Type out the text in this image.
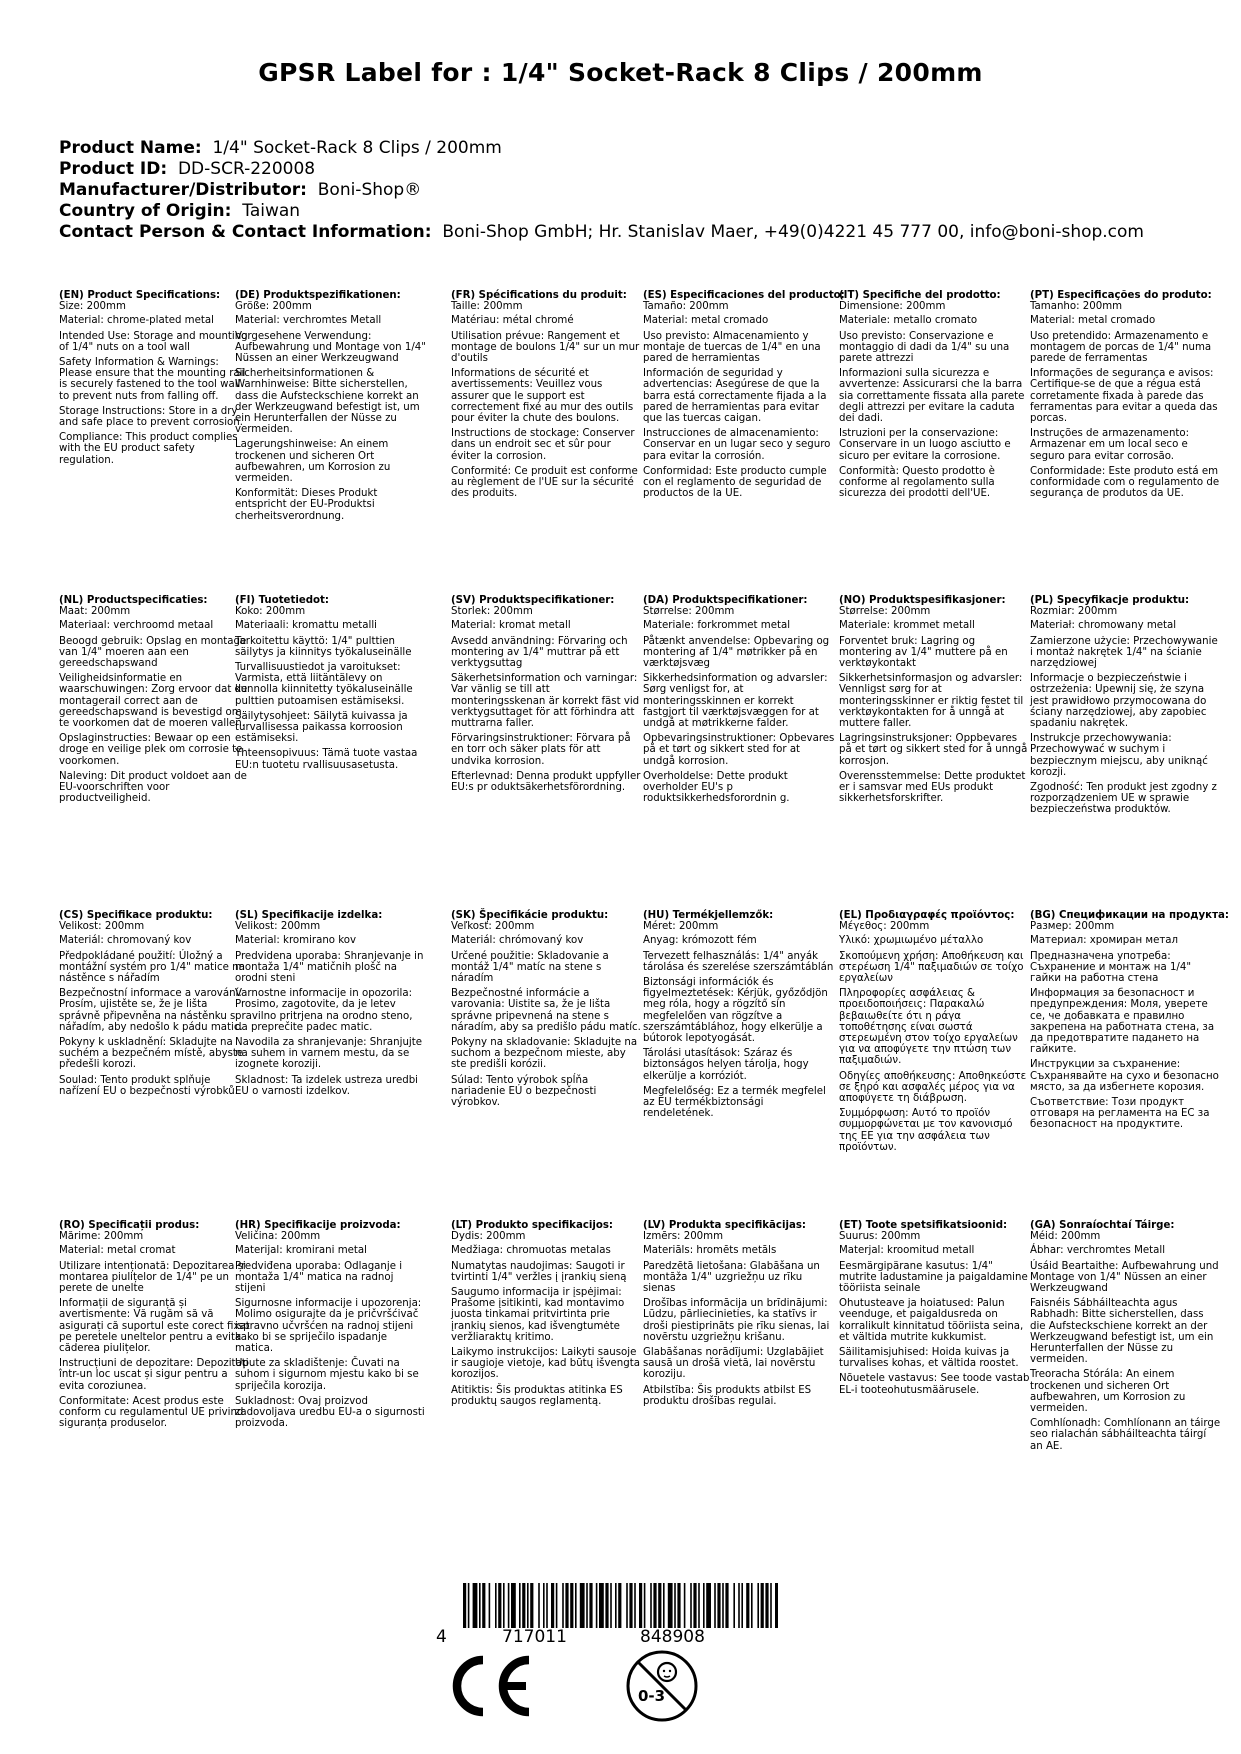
GPSR Label for : 1/4" Socket-Rack 8 Clips / 200mm
Product Name: 1/4" Socket-Rack 8 Clips / 200mm
Product ID: DD-SCR-220008
Manufacturer/Distributor: Boni-Shop®
Country of Origin: Taiwan
Contact Person & Contact Information: Boni-Shop GmbH; Hr. Stanislav Maer, +49(0)4221 45 777 00, info@boni-shop.com
(EN) Product Specifications:

Size: 200mm

Material: chrome-plated metal

Intended Use: Storage and mounting of 1/4" nuts on a tool wall

Safety Information & Warnings: Please ensure that the mounting rail is securely fastened to the tool wall to prevent nuts from falling off.

Storage Instructions: Store in a dry and safe place to prevent corrosion.

Compliance: This product complies with the EU product safety regulation.

(DE) Produktspezifikationen:

Größe: 200mm

Material: verchromtes Metall

Vorgesehene Verwendung: Aufbewahrung und Montage von 1/4" Nüssen an einer Werkzeugwand

Sicherheitsinformationen & Warnhinweise: Bitte sicherstellen, dass die Aufsteckschiene korrekt an der Werkzeugwand befestigt ist, um ein Herunterfallen der Nüsse zu vermeiden.

Lagerungshinweise: An einem trockenen und sicheren Ort aufbewahren, um Korrosion zu vermeiden.

Konformität: Dieses Produkt entspricht der EU-Produktsi cherheitsverordnung.

(FR) Spécifications du produit:

Taille: 200mm

Matériau: métal chromé

Utilisation prévue: Rangement et montage de boulons 1/4" sur un mur d'outils

Informations de sécurité et avertissements: Veuillez vous assurer que le support est correctement fixé au mur des outils pour éviter la chute des boulons.

Instructions de stockage: Conserver dans un endroit sec et sûr pour éviter la corrosion.

Conformité: Ce produit est conforme au règlement de l'UE sur la sécurité des produits.

(ES) Especificaciones del producto:

Tamaño: 200mm

Material: metal cromado

Uso previsto: Almacenamiento y montaje de tuercas de 1/4" en una pared de herramientas

Información de seguridad y advertencias: Asegúrese de que la barra está correctamente fijada a la pared de herramientas para evitar que las tuercas caigan.

Instrucciones de almacenamiento: Conservar en un lugar seco y seguro para evitar la corrosión.

Conformidad: Este producto cumple con el reglamento de seguridad de productos de la UE.

(IT) Specifiche del prodotto:

Dimensione: 200mm

Materiale: metallo cromato

Uso previsto: Conservazione e montaggio di dadi da 1/4" su una parete attrezzi

Informazioni sulla sicurezza e avvertenze: Assicurarsi che la barra sia correttamente fissata alla parete degli attrezzi per evitare la caduta dei dadi.

Istruzioni per la conservazione: Conservare in un luogo asciutto e sicuro per evitare la corrosione.

Conformità: Questo prodotto è conforme al regolamento sulla sicurezza dei prodotti dell'UE.

(PT) Especificações do produto:

Tamanho: 200mm

Material: metal cromado

Uso pretendido: Armazenamento e montagem de porcas de 1/4" numa parede de ferramentas

Informações de segurança e avisos: Certifique-se de que a régua está corretamente fixada à parede das ferramentas para evitar a queda das porcas.

Instruções de armazenamento: Armazenar em um local seco e seguro para evitar corrosão.

Conformidade: Este produto está em conformidade com o regulamento de segurança de produtos da UE.

(NL) Productspecificaties:

Maat: 200mm

Materiaal: verchroomd metaal

Beoogd gebruik: Opslag en montage van 1/4" moeren aan een gereedschapswand

Veiligheidsinformatie en waarschuwingen: Zorg ervoor dat de montagerail correct aan de gereedschapswand is bevestigd om te voorkomen dat de moeren vallen.

Opslaginstructies: Bewaar op een droge en veilige plek om corrosie te voorkomen.

Naleving: Dit product voldoet aan de EU-voorschriften voor productveiligheid.

(FI) Tuotetiedot:

Koko: 200mm

Materiaali: kromattu metalli

Tarkoitettu käyttö: 1/4" pulttien säilytys ja kiinnitys työkaluseinälle

Turvallisuustiedot ja varoitukset: Varmista, että liitäntälevy on kunnolla kiinnitetty työkaluseinälle pulttien putoamisen estämiseksi.

Säilytysohjeet: Säilytä kuivassa ja turvallisessa paikassa korroosion estämiseksi.

Yhteensopivuus: Tämä tuote vastaa EU:n tuotetu rvallisuusasetusta.

(SV) Produktspecifikationer:

Storlek: 200mm

Material: kromat metall

Avsedd användning: Förvaring och montering av 1/4" muttrar på ett verktygsuttag

Säkerhetsinformation och varningar: Var vänlig se till att monteringsskenan är korrekt fäst vid verktygsuttaget för att förhindra att muttrarna faller.

Förvaringsinstruktioner: Förvara på en torr och säker plats för att undvika korrosion.

Efterlevnad: Denna produkt uppfyller EU:s pr oduktsäkerhetsförordning.

(DA) Produktspecifikationer:

Størrelse: 200mm

Materiale: forkrommet metal

Påtænkt anvendelse: Opbevaring og montering af 1/4" møtrikker på en værktøjsvæg

Sikkerhedsinformation og advarsler: Sørg venligst for, at monteringsskinnen er korrekt fastgjort til værktøjsvæggen for at undgå at møtrikkerne falder.

Opbevaringsinstruktioner: Opbevares på et tørt og sikkert sted for at undgå korrosion.

Overholdelse: Dette produkt overholder EU's p roduktsikkerhedsforordnin g.

(NO) Produktspesifikasjoner:

Størrelse: 200mm

Materiale: krommet metall

Forventet bruk: Lagring og montering av 1/4" muttere på en verktøykontakt

Sikkerhetsinformasjon og advarsler: Vennligst sørg for at monteringsskinner er riktig festet til verktøykontakten for å unngå at muttere faller.

Lagringsinstruksjoner: Oppbevares på et tørt og sikkert sted for å unngå korrosjon.

Overensstemmelse: Dette produktet er i samsvar med EUs produkt sikkerhetsforskrifter.

(PL) Specyfikacje produktu:

Rozmiar: 200mm

Materiał: chromowany metal

Zamierzone użycie: Przechowywanie i montaż nakrętek 1/4" na ścianie narzędziowej

Informacje o bezpieczeństwie i ostrzeżenia: Upewnij się, że szyna jest prawidłowo przymocowana do ściany narzędziowej, aby zapobiec spadaniu nakrętek.

Instrukcje przechowywania: Przechowywać w suchym i bezpiecznym miejscu, aby uniknąć korozji.

Zgodność: Ten produkt jest zgodny z rozporządzeniem UE w sprawie bezpieczeństwa produktów.

(CS) Specifikace produktu:

Velikost: 200mm

Materiál: chromovaný kov

Předpokládané použití: Úložný a montážní systém pro 1/4" matice na nástěnce s nářadím

Bezpečnostní informace a varování: Prosím, ujistěte se, že je lišta správně připevněna na nástěnku s nářadím, aby nedošlo k pádu matic.

Pokyny k uskladnění: Skladujte na suchém a bezpečném místě, abyste předešli korozi.

Soulad: Tento produkt splňuje nařízení EU o bezpečnosti výrobků.

(SL) Specifikacije izdelka:

Velikost: 200mm

Material: kromirano kov

Predvidena uporaba: Shranjevanje in montaža 1/4" matičnih plošč na orodni steni

Varnostne informacije in opozorila: Prosimo, zagotovite, da je letev pravilno pritrjena na orodno steno, da preprečite padec matic.

Navodila za shranjevanje: Shranjujte na suhem in varnem mestu, da se izognete koroziji.

Skladnost: Ta izdelek ustreza uredbi EU o varnosti izdelkov.

(SK) Špecifikácie produktu:

Veľkosť: 200mm

Materiál: chrómovaný kov

Určené použitie: Skladovanie a montáž 1/4" matíc na stene s náradím

Bezpečnostné informácie a varovania: Uistite sa, že je lišta správne pripevnená na stene s náradím, aby sa predišlo pádu matíc.

Pokyny na skladovanie: Skladujte na suchom a bezpečnom mieste, aby ste predišli korózii.

Súlad: Tento výrobok spĺňa nariadenie EÚ o bezpečnosti výrobkov.

(HU) Termékjellemzők:

Méret: 200mm

Anyag: krómozott fém

Tervezett felhasználás: 1/4" anyák tárolása és szerelése szerszámtáblán

Biztonsági információk és figyelmeztetések: Kérjük, győződjön meg róla, hogy a rögzítő sín megfelelően van rögzítve a szerszámtáblához, hogy elkerülje a bútorok lepotyogását.

Tárolási utasítások: Száraz és biztonságos helyen tárolja, hogy elkerülje a korróziót.

Megfelelőség: Ez a termék megfelel az EU termékbiztonsági rendeletének.

(EL) Προδιαγραφές προϊόντος:

Μέγεθος: 200mm

Υλικό: χρωμιωμένο μέταλλο

Σκοπούμενη χρήση: Αποθήκευση και στερέωση 1/4" παξιμαδιών σε τοίχο εργαλείων

Πληροφορίες ασφάλειας & προειδοποιήσεις: Παρακαλώ βεβαιωθείτε ότι η ράγα τοποθέτησης είναι σωστά στερεωμένη στον τοίχο εργαλείων για να αποφύγετε την πτώση των παξιμαδιών.

Οδηγίες αποθήκευσης: Αποθηκεύστε σε ξηρό και ασφαλές μέρος για να αποφύγετε τη διάβρωση.

Συμμόρφωση: Αυτό το προϊόν συμμορφώνεται με τον κανονισμό της ΕΕ για την ασφάλεια των προϊόντων.

(BG) Спецификации на продукта:

Размер: 200mm

Материал: хромиран метал

Предназначена употреба: Съхранение и монтаж на 1/4" гайки на работна стена

Информация за безопасност и предупреждения: Моля, уверете се, че добавката е правилно закрепена на работната стена, за да предотвратите падането на гайките.

Инструкции за съхранение: Съхранявайте на сухо и безопасно място, за да избегнете корозия.

Съответствие: Този продукт отговаря на регламента на ЕС за безопасност на продуктите.

(RO) Specificații produs:

Mărime: 200mm

Material: metal cromat

Utilizare intenționată: Depozitarea și montarea piulițelor de 1/4" pe un perete de unelte

Informații de siguranță și avertismente: Vă rugăm să vă asigurați că suportul este corect fixat pe peretele uneltelor pentru a evita căderea piulițelor.

Instrucțiuni de depozitare: Depozitați într-un loc uscat și sigur pentru a evita coroziunea.

Conformitate: Acest produs este conform cu regulamentul UE privind siguranța produselor.

(HR) Specifikacije proizvoda:

Veličina: 200mm

Materijal: kromirani metal

Predviđena uporaba: Odlaganje i montaža 1/4" matica na radnoj stijeni

Sigurnosne informacije i upozorenja: Molimo osigurajte da je pričvršćivač ispravno učvršćen na radnoj stijeni kako bi se spriječilo ispadanje matica.

Upute za skladištenje: Čuvati na suhom i sigurnom mjestu kako bi se spriječila korozija.

Sukladnost: Ovaj proizvod zadovoljava uredbu EU-a o sigurnosti proizvoda.

(LT) Produkto specifikacijos:

Dydis: 200mm

Medžiaga: chromuotas metalas

Numatytas naudojimas: Saugoti ir tvirtinti 1/4" veržles į įrankių sieną

Saugumo informacija ir įspėjimai: Prašome įsitikinti, kad montavimo juosta tinkamai pritvirtinta prie įrankių sienos, kad išvengtumėte veržliaraktų kritimo.

Laikymo instrukcijos: Laikyti sausoje ir saugioje vietoje, kad būtų išvengta korozijos.

Atitiktis: Šis produktas atitinka ES produktų saugos reglamentą.

(LV) Produkta specifikācijas:

Izmērs: 200mm

Materiāls: hromēts metāls

Paredzētā lietošana: Glabāšana un montāža 1/4" uzgriežņu uz rīku sienas

Drošības informācija un brīdinājumi: Lūdzu, pārliecinieties, ka statīvs ir droši piestiprināts pie rīku sienas, lai novērstu uzgriežņu krišanu.

Glabāšanas norādījumi: Uzglabājiet sausā un drošā vietā, lai novērstu koroziju.

Atbilstība: Šis produkts atbilst ES produktu drošības regulai.

(ET) Toote spetsifikatsioonid:

Suurus: 200mm

Materjal: kroomitud metall

Eesmärgipärane kasutus: 1/4" mutrite ladustamine ja paigaldamine tööriista seinale

Ohutusteave ja hoiatused: Palun veenduge, et paigaldusreda on korralikult kinnitatud tööriista seina, et vältida mutrite kukkumist.

Säilitamisjuhised: Hoida kuivas ja turvalises kohas, et vältida roostet.

Nõuetele vastavus: See toode vastab EL-i tooteohutusmäärusele.

(GA) Sonraíochtaí Táirge:

Méid: 200mm

Ábhar: verchromtes Metall

Úsáid Beartaithe: Aufbewahrung und Montage von 1/4" Nüssen an einer Werkzeugwand

Faisnéis Sábháilteachta agus Rabhadh: Bitte sicherstellen, dass die Aufsteckschiene korrekt an der Werkzeugwand befestigt ist, um ein Herunterfallen der Nüsse zu vermeiden.

Treoracha Stórála: An einem trockenen und sicheren Ort aufbewahren, um Korrosion zu vermeiden.

Comhlíonadh: Comhlíonann an táirge seo rialachán sábháilteachta táirgí an AE.

4	717011	848908
0-3
